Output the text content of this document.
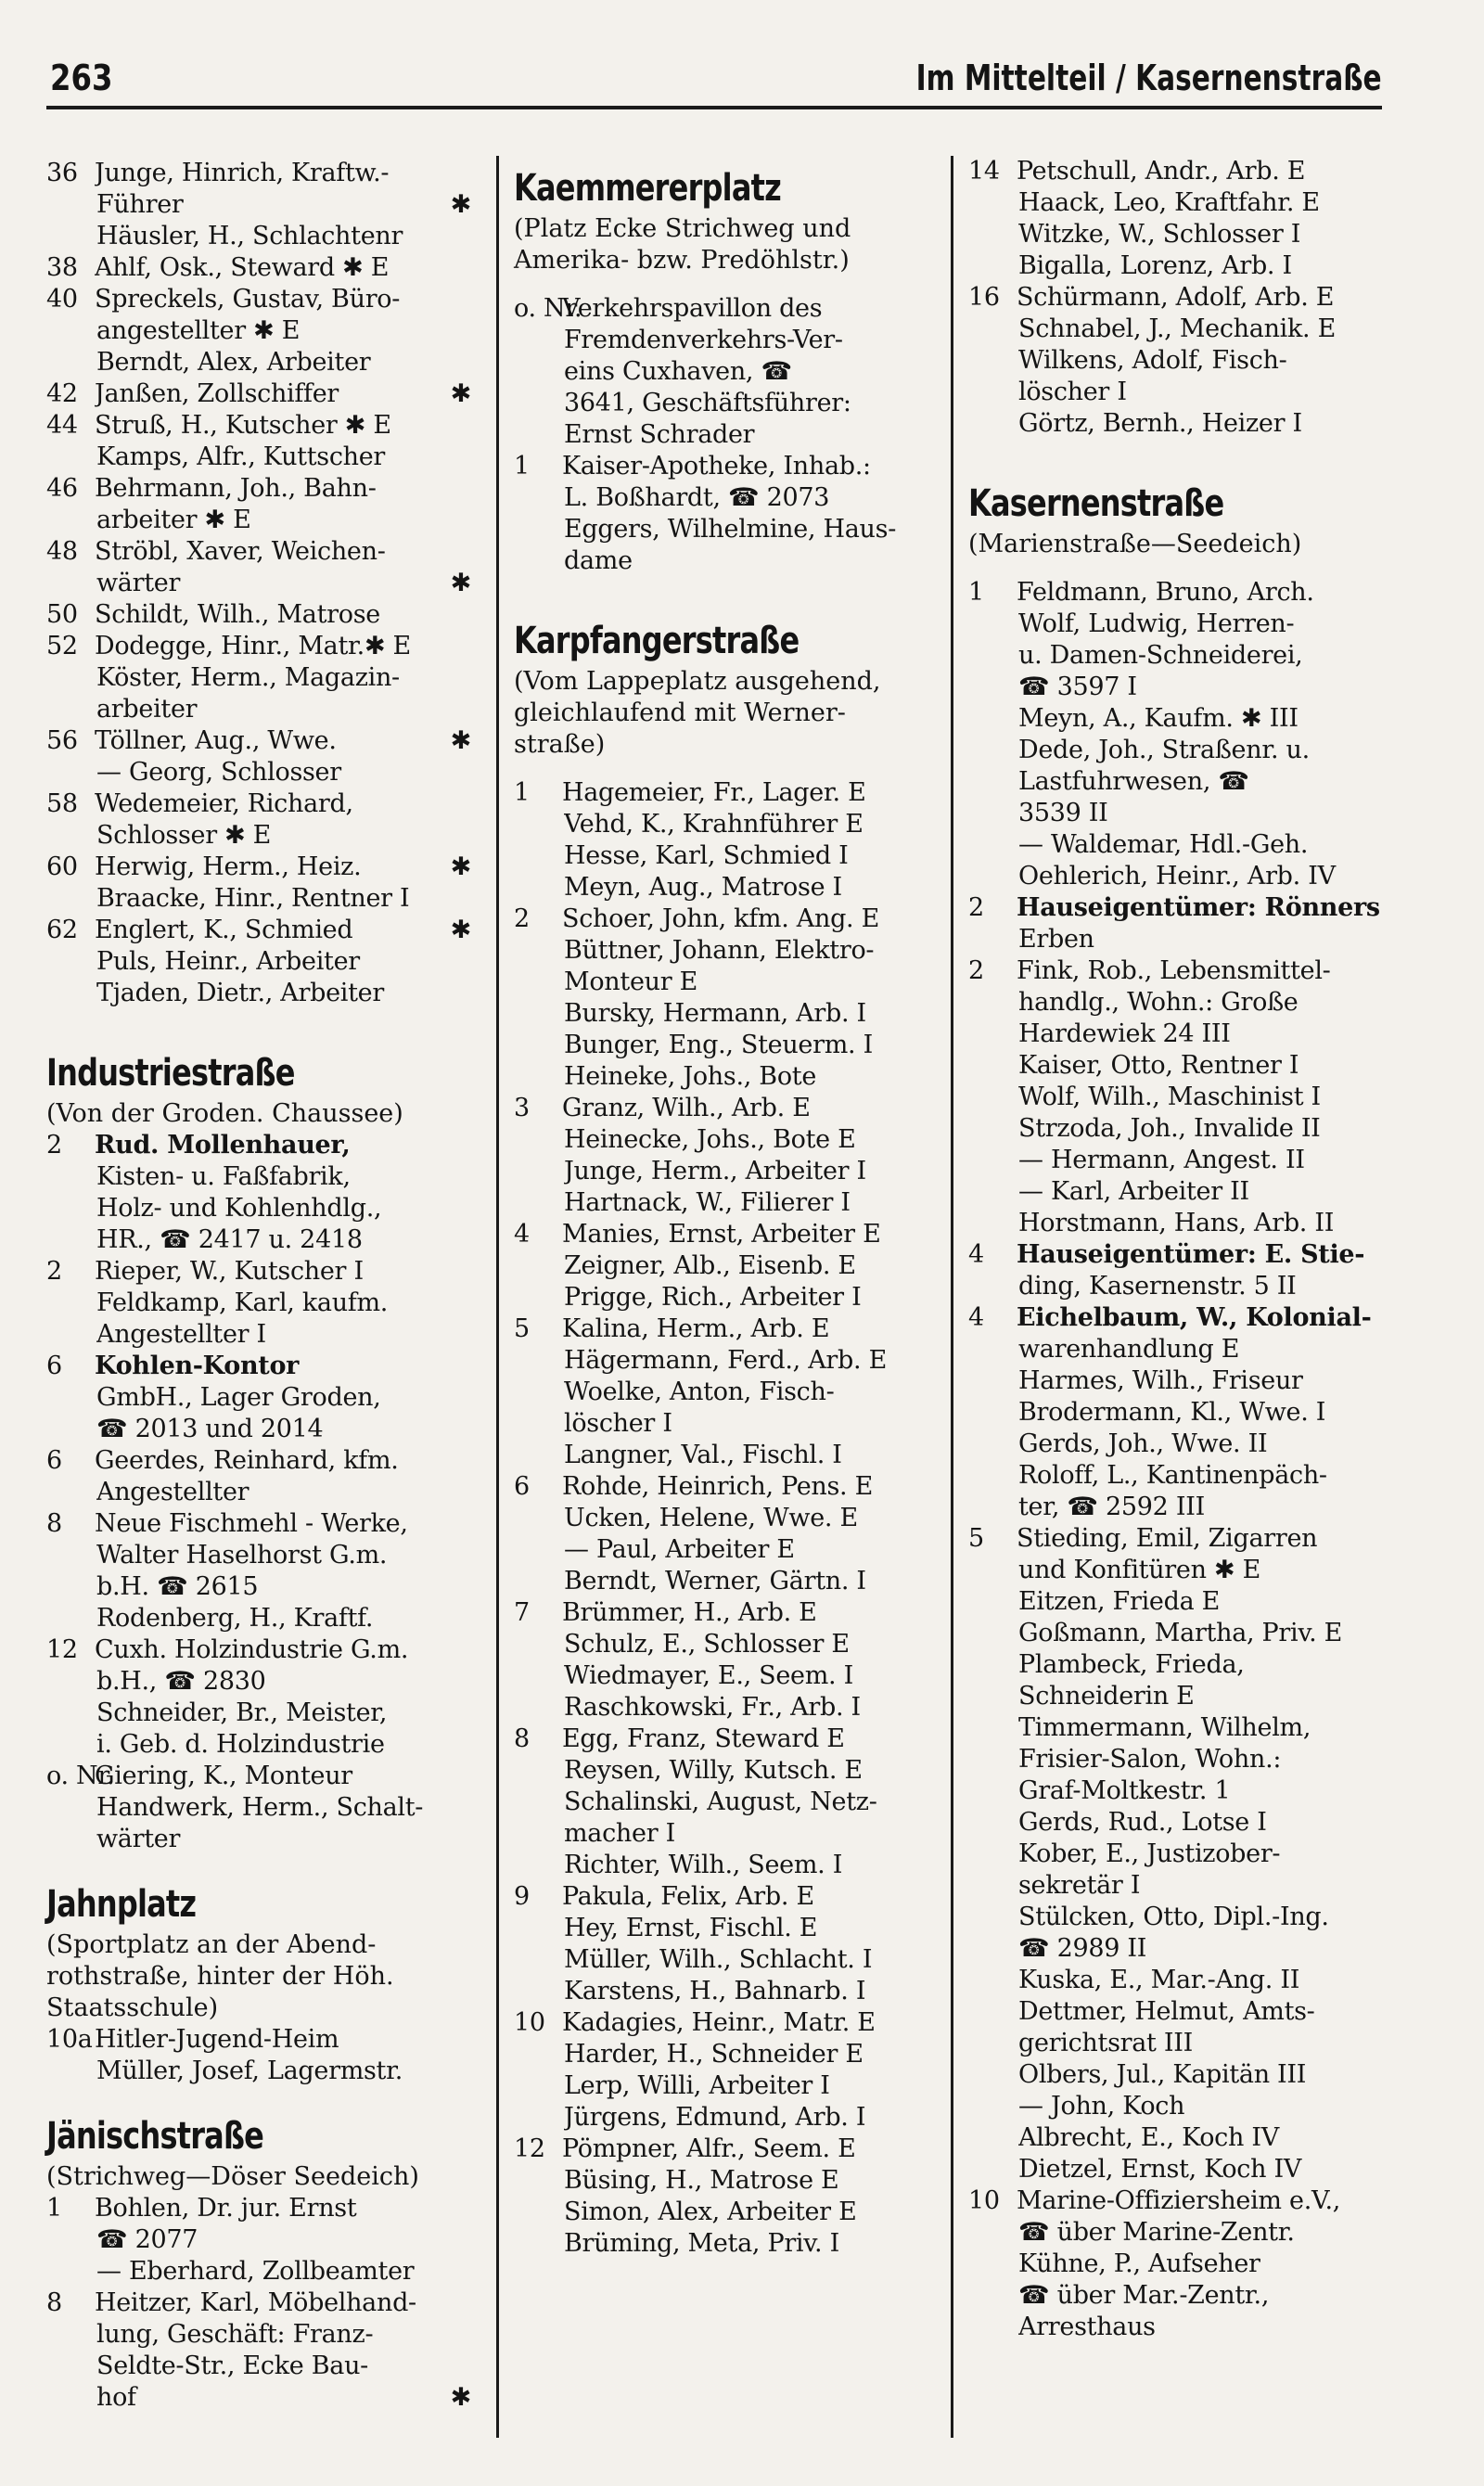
263	Im Mittelteil / Kasernenstraße
36 Junge, Hinrich, Kraftw.-
Führer	✱
Häusler, H., Schlachtenr
38 Ahlf, Osk., Steward ✱ E
40 Spreckels, Gustav, Büro-
angestellter ✱ E
Berndt, Alex, Arbeiter
42 Janßen, Zollschiffer	✱
44 Struß, H., Kutscher ✱ E
Kamps, Alfr., Kuttscher
46 Behrmann, Joh., Bahn-
arbeiter ✱ E
48 Ströbl, Xaver, Weichen-
wärter	✱
50 Schildt, Wilh., Matrose
52 Dodegge, Hinr., Matr.✱ E
Köster, Herm., Magazin-
arbeiter
56 Töllner, Aug., Wwe.	✱
— Georg, Schlosser
58 Wedemeier, Richard,
Schlosser ✱ E
60 Herwig, Herm., Heiz.	✱
Braacke, Hinr., Rentner I
62 Englert, K., Schmied	✱
Puls, Heinr., Arbeiter
Tjaden, Dietr., Arbeiter
Industriestraße
(Von der Groden. Chaussee)
2	Rud. Mollenhauer,
Kisten- u. Faßfabrik,
Holz- und Kohlenhdlg.,
HR., ☎ 2417 u. 2418
2	Rieper, W., Kutscher I
Feldkamp, Karl, kaufm.
Angestellter I
6	Kohlen-Kontor
GmbH., Lager Groden,
☎ 2013 und 2014
6	Geerdes, Reinhard, kfm.
Angestellter
8	Neue Fischmehl - Werke,
Walter Haselhorst G.m.
b.H. ☎ 2615
Rodenberg, H., Kraftf.
12 Cuxh. Holzindustrie G.m.
b.H., ☎ 2830
Schneider, Br., Meister,
i. Geb. d. Holzindustrie
o. Nr.
Giering, K., Monteur
Handwerk, Herm., Schalt-
wärter
Jahnplatz
(Sportplatz an der Abend-
rothstraße, hinter der Höh.
Staatsschule)
10a Hitler-Jugend-Heim
Müller, Josef, Lagermstr.
Jänischstraße
(Strichweg—Döser Seedeich)
1	Bohlen, Dr. jur. Ernst
☎ 2077
— Eberhard, Zollbeamter
8	Heitzer, Karl, Möbelhand-
lung, Geschäft: Franz-
Seldte-Str., Ecke Bau-
hof	✱
Kaemmererplatz
(Platz Ecke Strichweg und
Amerika- bzw. Predöhlstr.)
o. Nr.
Verkehrspavillon des
Fremdenverkehrs-Ver-
eins Cuxhaven, ☎
3641, Geschäftsführer:
Ernst Schrader
1	Kaiser-Apotheke, Inhab.:
L. Boßhardt, ☎ 2073
Eggers, Wilhelmine, Haus-
dame
Karpfangerstraße
(Vom Lappeplatz ausgehend,
gleichlaufend mit Werner-
straße)
1	Hagemeier, Fr., Lager. E
Vehd, K., Krahnführer E
Hesse, Karl, Schmied I
Meyn, Aug., Matrose I
2	Schoer, John, kfm. Ang. E
Büttner, Johann, Elektro-
Monteur E
Bursky, Hermann, Arb. I
Bunger, Eng., Steuerm. I
Heineke, Johs., Bote
3	Granz, Wilh., Arb. E
Heinecke, Johs., Bote E
Junge, Herm., Arbeiter I
Hartnack, W., Filierer I
4	Manies, Ernst, Arbeiter E
Zeigner, Alb., Eisenb. E
Prigge, Rich., Arbeiter I
5	Kalina, Herm., Arb. E
Hägermann, Ferd., Arb. E
Woelke, Anton, Fisch-
löscher I
Langner, Val., Fischl. I
6	Rohde, Heinrich, Pens. E
Ucken, Helene, Wwe. E
— Paul, Arbeiter E
Berndt, Werner, Gärtn. I
7	Brümmer, H., Arb. E
Schulz, E., Schlosser E
Wiedmayer, E., Seem. I
Raschkowski, Fr., Arb. I
8	Egg, Franz, Steward E
Reysen, Willy, Kutsch. E
Schalinski, August, Netz-
macher I
Richter, Wilh., Seem. I
9	Pakula, Felix, Arb. E
Hey, Ernst, Fischl. E
Müller, Wilh., Schlacht. I
Karstens, H., Bahnarb. I
10 Kadagies, Heinr., Matr. E
Harder, H., Schneider E
Lerp, Willi, Arbeiter I
Jürgens, Edmund, Arb. I
12 Pömpner, Alfr., Seem. E
Büsing, H., Matrose E
Simon, Alex, Arbeiter E
Brüming, Meta, Priv. I
14 Petschull, Andr., Arb. E
Haack, Leo, Kraftfahr. E
Witzke, W., Schlosser I
Bigalla, Lorenz, Arb. I
16 Schürmann, Adolf, Arb. E
Schnabel, J., Mechanik. E
Wilkens, Adolf, Fisch-
löscher I
Görtz, Bernh., Heizer I
Kasernenstraße
(Marienstraße—Seedeich)
1	Feldmann, Bruno, Arch.
Wolf, Ludwig, Herren-
u. Damen-Schneiderei,
☎ 3597 I
Meyn, A., Kaufm. ✱ III
Dede, Joh., Straßenr. u.
Lastfuhrwesen, ☎
3539 II
— Waldemar, Hdl.-Geh.
Oehlerich, Heinr., Arb. IV
2	Hauseigentümer: Rönners
Erben
2	Fink, Rob., Lebensmittel-
handlg., Wohn.: Große
Hardewiek 24 III
Kaiser, Otto, Rentner I
Wolf, Wilh., Maschinist I
Strzoda, Joh., Invalide II
— Hermann, Angest. II
— Karl, Arbeiter II
Horstmann, Hans, Arb. II
4	Hauseigentümer: E. Stie-
ding, Kasernenstr. 5 II
4	Eichelbaum, W., Kolonial-
warenhandlung E
Harmes, Wilh., Friseur
Brodermann, Kl., Wwe. I
Gerds, Joh., Wwe. II
Roloff, L., Kantinenpäch-
ter, ☎ 2592 III
5	Stieding, Emil, Zigarren
und Konfitüren ✱ E
Eitzen, Frieda E
Goßmann, Martha, Priv. E
Plambeck, Frieda,
Schneiderin E
Timmermann, Wilhelm,
Frisier-Salon, Wohn.:
Graf-Moltkestr. 1
Gerds, Rud., Lotse I
Kober, E., Justizober-
sekretär I
Stülcken, Otto, Dipl.-Ing.
☎ 2989 II
Kuska, E., Mar.-Ang. II
Dettmer, Helmut, Amts-
gerichtsrat III
Olbers, Jul., Kapitän III
— John, Koch
Albrecht, E., Koch IV
Dietzel, Ernst, Koch IV
10 Marine-Offiziersheim e.V.,
☎ über Marine-Zentr.
Kühne, P., Aufseher
☎ über Mar.-Zentr.,
Arresthaus
